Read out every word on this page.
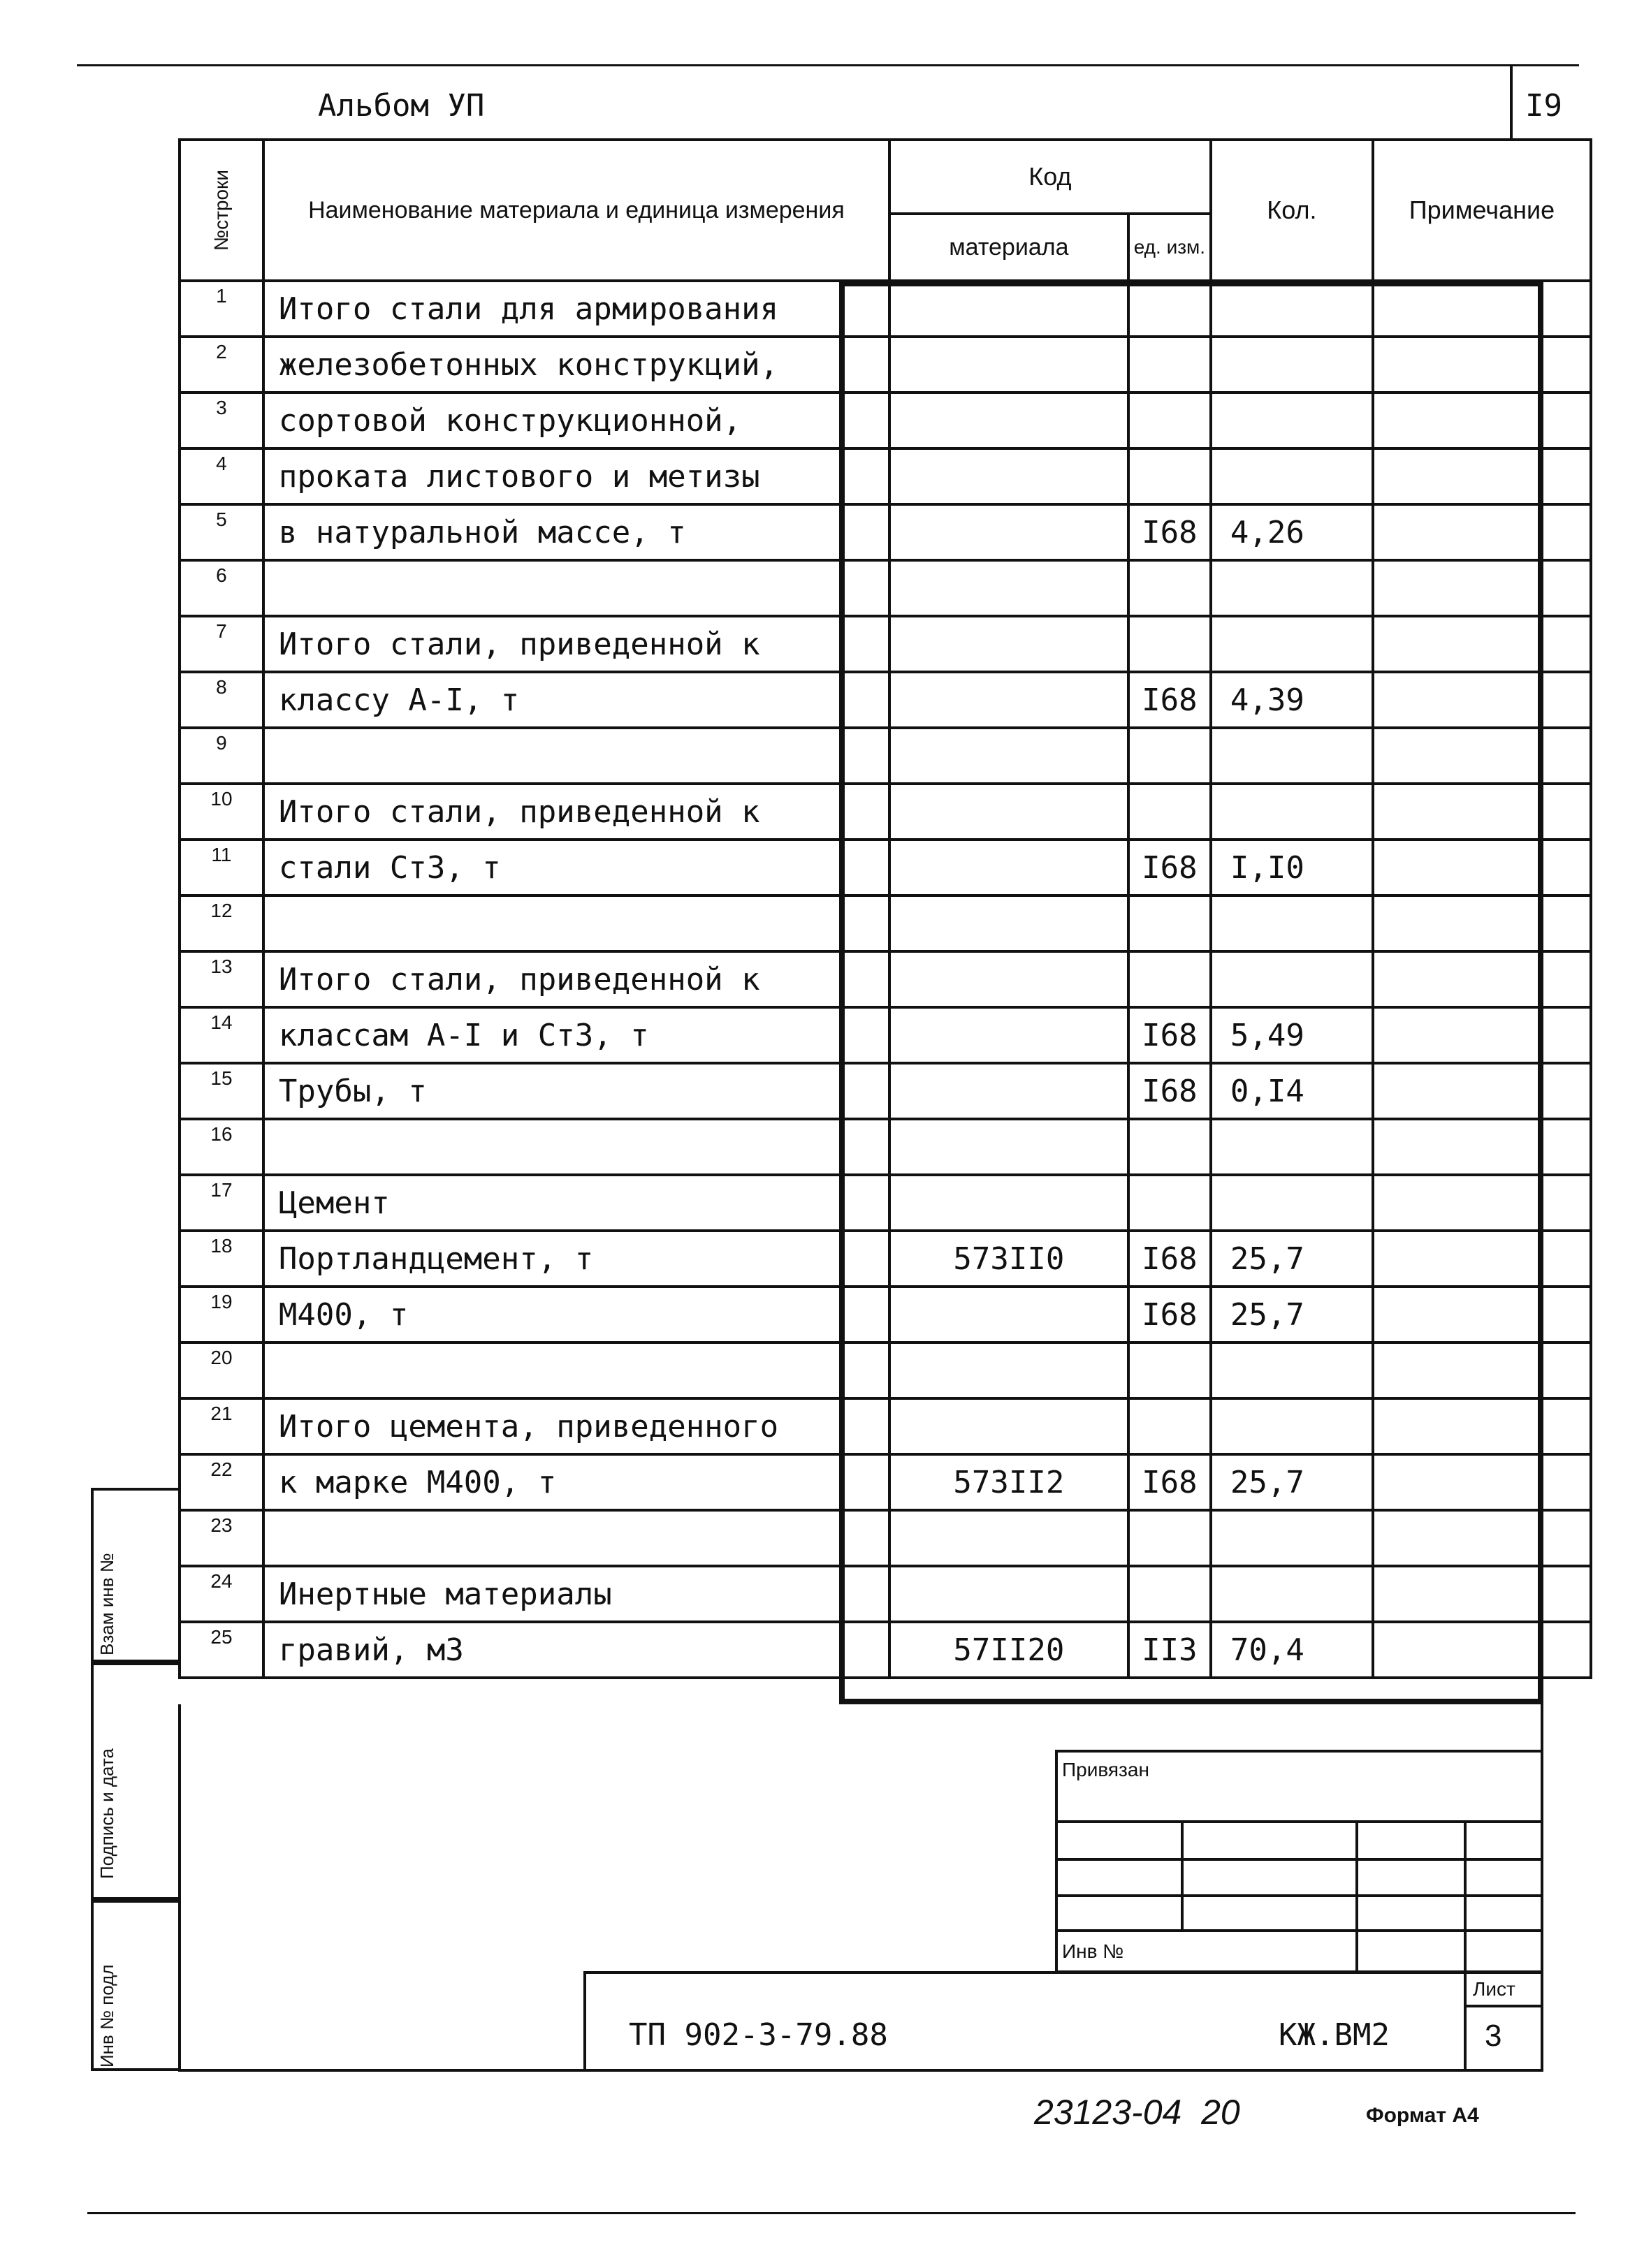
Альбом УП	I9
№строки	Наименование материала и единица измерения	Код		Кол.	Примечание
		материала	ед. изм.		
1	Итого стали для армирования				
2	железобетонных конструкций,				
3	сортовой конструкционной,				
4	проката листового и метизы				
5	в натуральной массе, т		I68	4,26	
6					
7	Итого стали, приведенной к				
8	классу А-I, т		I68	4,39	
9					
10	Итого стали, приведенной к				
11	стали Ст3, т		I68	I,I0	
12					
13	Итого стали, приведенной к				
14	классам А-I и Ст3, т		I68	5,49	
15	Трубы, т		I68	0,I4	
16					
17	Цемент				
18	Портландцемент, т	573II0	I68	25,7	
19	М400, т		I68	25,7	
20					
21	Итого цемента, приведенного				
22	к марке М400, т	573II2	I68	25,7	
23					
24	Инертные материалы				
25	гравий, м3	57II20	II3	70,4	
Взам инв №
Подпись и дата
Инв № подл
Привязан
Инв №
ТП 902-3-79.88	КЖ.ВМ2
Лист
3
23123-04  20	Формат А4
